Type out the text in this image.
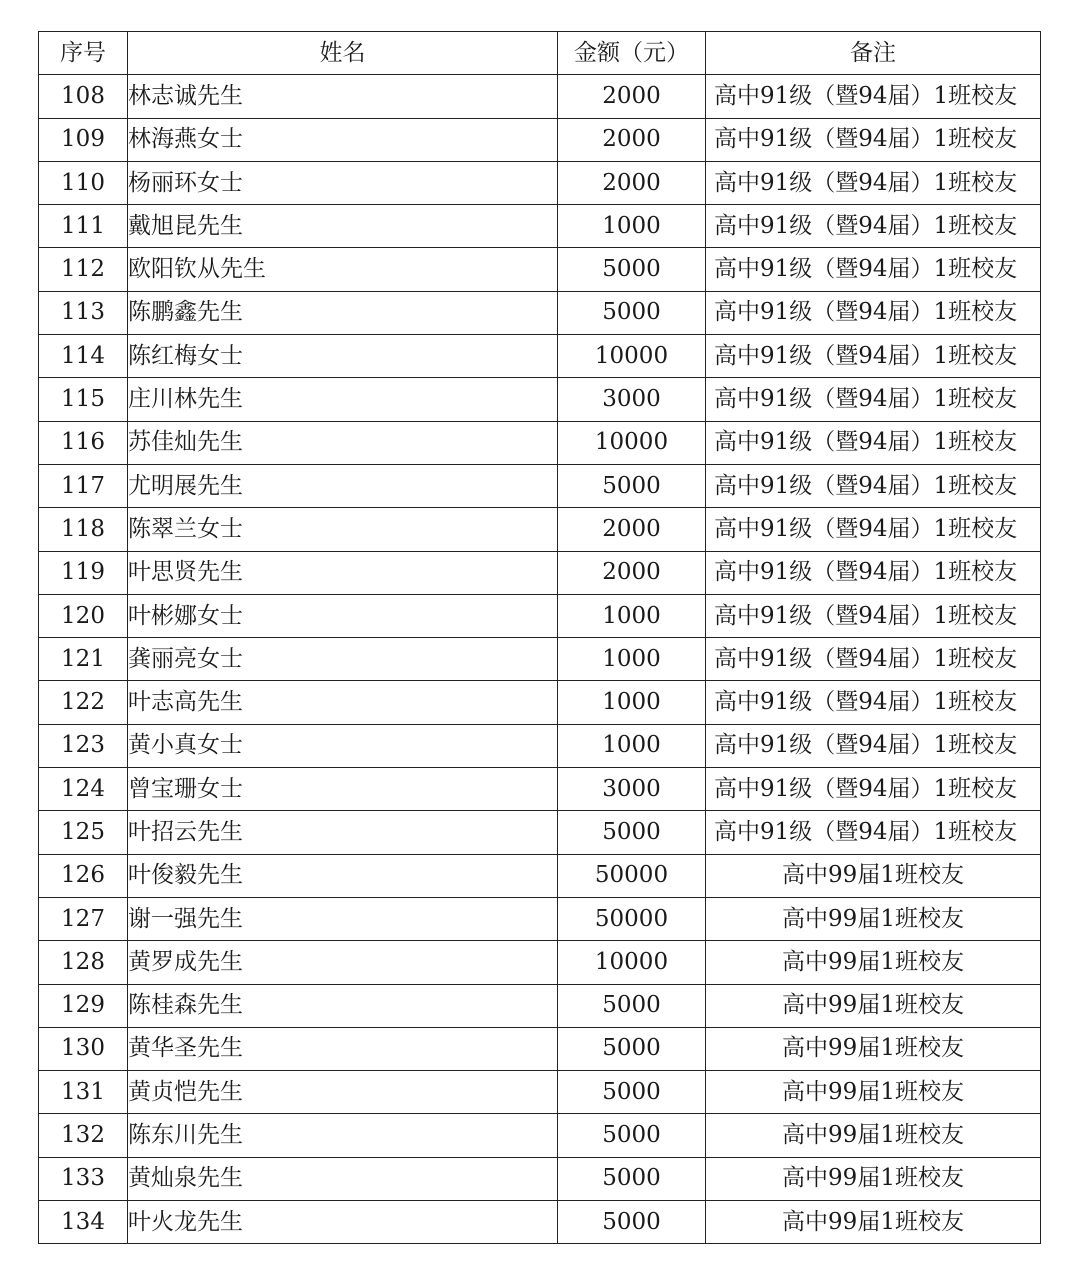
序号	姓名	金额（元）	备注
108	林志诚先生	2000	高中91级（暨94届）1班校友
109	林海燕女士	2000	高中91级（暨94届）1班校友
110	杨丽环女士	2000	高中91级（暨94届）1班校友
111	戴旭昆先生	1000	高中91级（暨94届）1班校友
112	欧阳钦从先生	5000	高中91级（暨94届）1班校友
113	陈鹏鑫先生	5000	高中91级（暨94届）1班校友
114	陈红梅女士	10000	高中91级（暨94届）1班校友
115	庄川林先生	3000	高中91级（暨94届）1班校友
116	苏佳灿先生	10000	高中91级（暨94届）1班校友
117	尤明展先生	5000	高中91级（暨94届）1班校友
118	陈翠兰女士	2000	高中91级（暨94届）1班校友
119	叶思贤先生	2000	高中91级（暨94届）1班校友
120	叶彬娜女士	1000	高中91级（暨94届）1班校友
121	龚丽亮女士	1000	高中91级（暨94届）1班校友
122	叶志高先生	1000	高中91级（暨94届）1班校友
123	黄小真女士	1000	高中91级（暨94届）1班校友
124	曾宝珊女士	3000	高中91级（暨94届）1班校友
125	叶招云先生	5000	高中91级（暨94届）1班校友
126	叶俊毅先生	50000	高中99届1班校友
127	谢一强先生	50000	高中99届1班校友
128	黄罗成先生	10000	高中99届1班校友
129	陈桂森先生	5000	高中99届1班校友
130	黄华圣先生	5000	高中99届1班校友
131	黄贞恺先生	5000	高中99届1班校友
132	陈东川先生	5000	高中99届1班校友
133	黄灿泉先生	5000	高中99届1班校友
134	叶火龙先生	5000	高中99届1班校友
